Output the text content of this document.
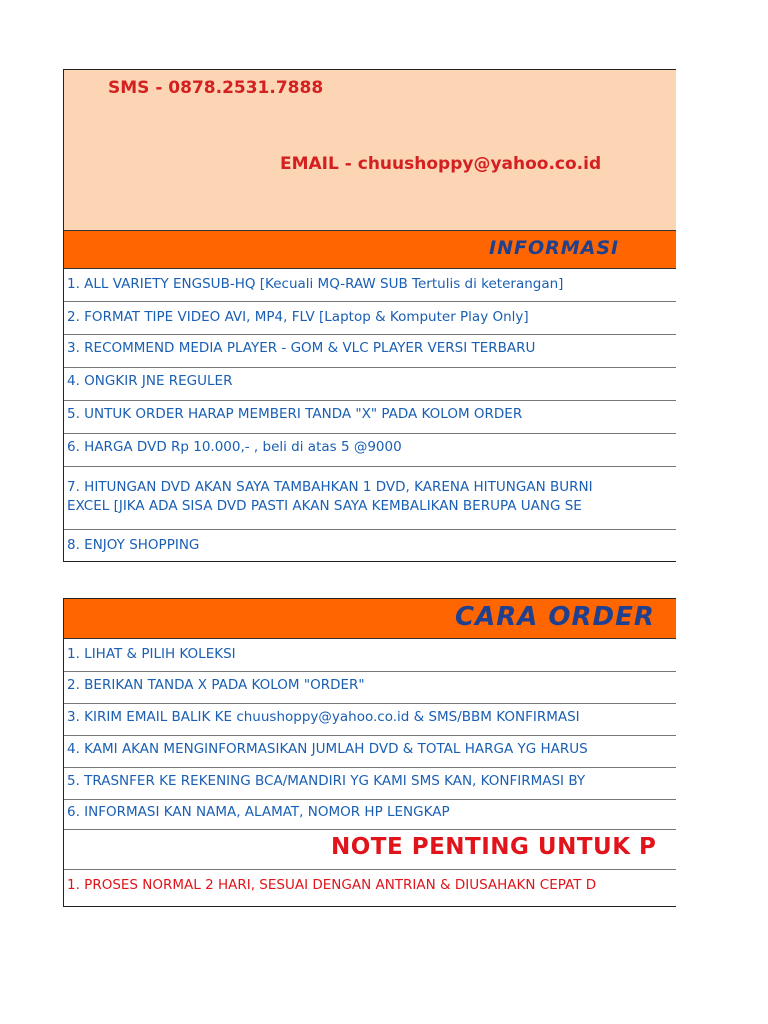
SMS - 0878.2531.7888
EMAIL - chuushoppy@yahoo.co.id
INFORMASI
1. ALL VARIETY ENGSUB-HQ [Kecuali MQ-RAW SUB Tertulis di keterangan]
2. FORMAT TIPE VIDEO AVI, MP4, FLV [Laptop & Komputer Play Only]
3. RECOMMEND MEDIA PLAYER - GOM & VLC PLAYER VERSI TERBARU
4. ONGKIR JNE REGULER
5. UNTUK ORDER HARAP MEMBERI TANDA "X" PADA KOLOM ORDER
6. HARGA DVD Rp 10.000,- , beli di atas 5 @9000
7. HITUNGAN DVD AKAN SAYA TAMBAHKAN 1 DVD, KARENA HITUNGAN BURNI
EXCEL [JIKA ADA SISA DVD PASTI AKAN SAYA KEMBALIKAN BERUPA UANG SE
8. ENJOY SHOPPING
CARA ORDER
1. LIHAT & PILIH KOLEKSI
2. BERIKAN TANDA X PADA KOLOM "ORDER"
3. KIRIM EMAIL BALIK KE chuushoppy@yahoo.co.id & SMS/BBM KONFIRMASI
4. KAMI AKAN MENGINFORMASIKAN JUMLAH DVD & TOTAL HARGA YG HARUS
5. TRASNFER KE REKENING BCA/MANDIRI YG KAMI SMS KAN, KONFIRMASI BY
6. INFORMASI KAN NAMA, ALAMAT, NOMOR HP LENGKAP
NOTE PENTING UNTUK P
1. PROSES NORMAL 2 HARI, SESUAI DENGAN ANTRIAN & DIUSAHAKN CEPAT D
